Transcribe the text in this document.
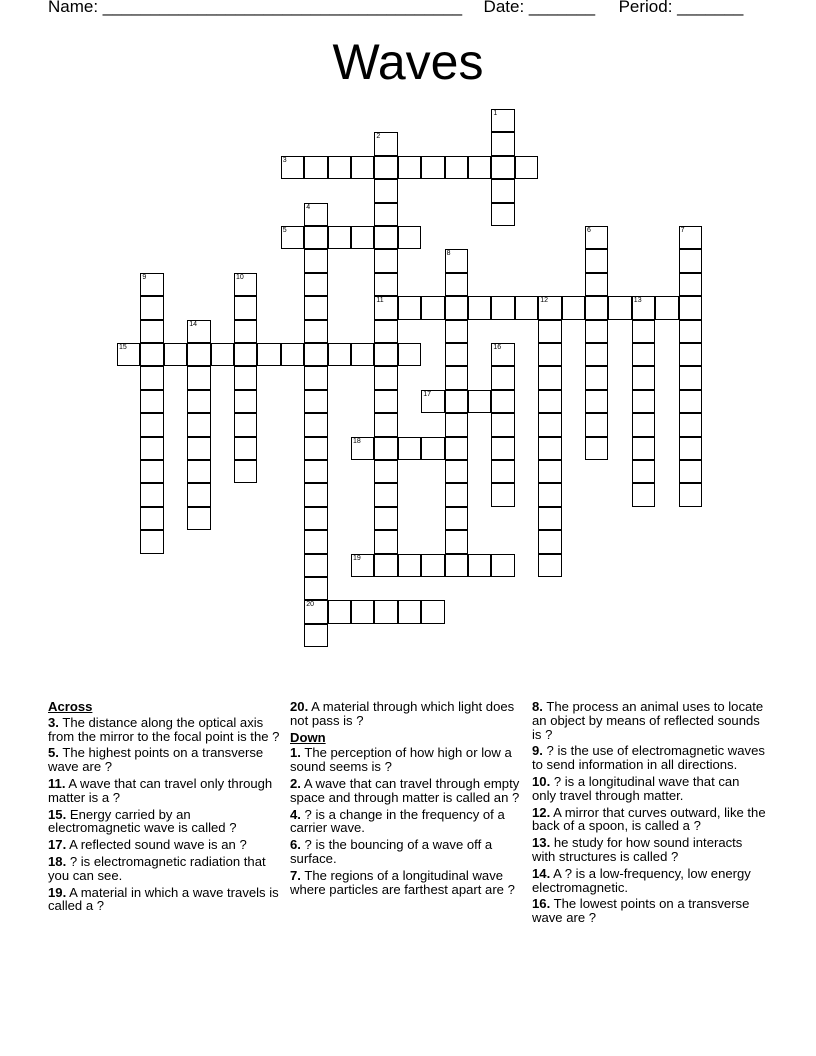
Name: ______________________________________ Date: _______ Period: _______
Waves
1
2
11
3
4
20
5	6	7
8
9	10
12	13
14
15	16
17
18
19
Across
3. The distance along the optical axis from the mirror to the focal point is the ?
5. The highest points on a transverse wave are ?
11. A wave that can travel only through matter is a ?
15. Energy carried by an electromagnetic wave is called ?
17. A reflected sound wave is an ?
18. ? is electromagnetic radiation that you can see.
19. A material in which a wave travels is called a ?
20. A material through which light does not pass is ?
Down
1. The perception of how high or low a sound seems is ?
2. A wave that can travel through empty space and through matter is called an ?
4. ? is a change in the frequency of a carrier wave.
6. ? is the bouncing of a wave off a surface.
7. The regions of a longitudinal wave where particles are farthest apart are ?
8. The process an animal uses to locate an object by means of reflected sounds is ?
9. ? is the use of electromagnetic waves to send information in all directions.
10. ? is a longitudinal wave that can only travel through matter.
12. A mirror that curves outward, like the back of a spoon, is called a ?
13. he study for how sound interacts with structures is called ?
14. A ? is a low-frequency, low energy electromagnetic.
16. The lowest points on a transverse wave are ?
